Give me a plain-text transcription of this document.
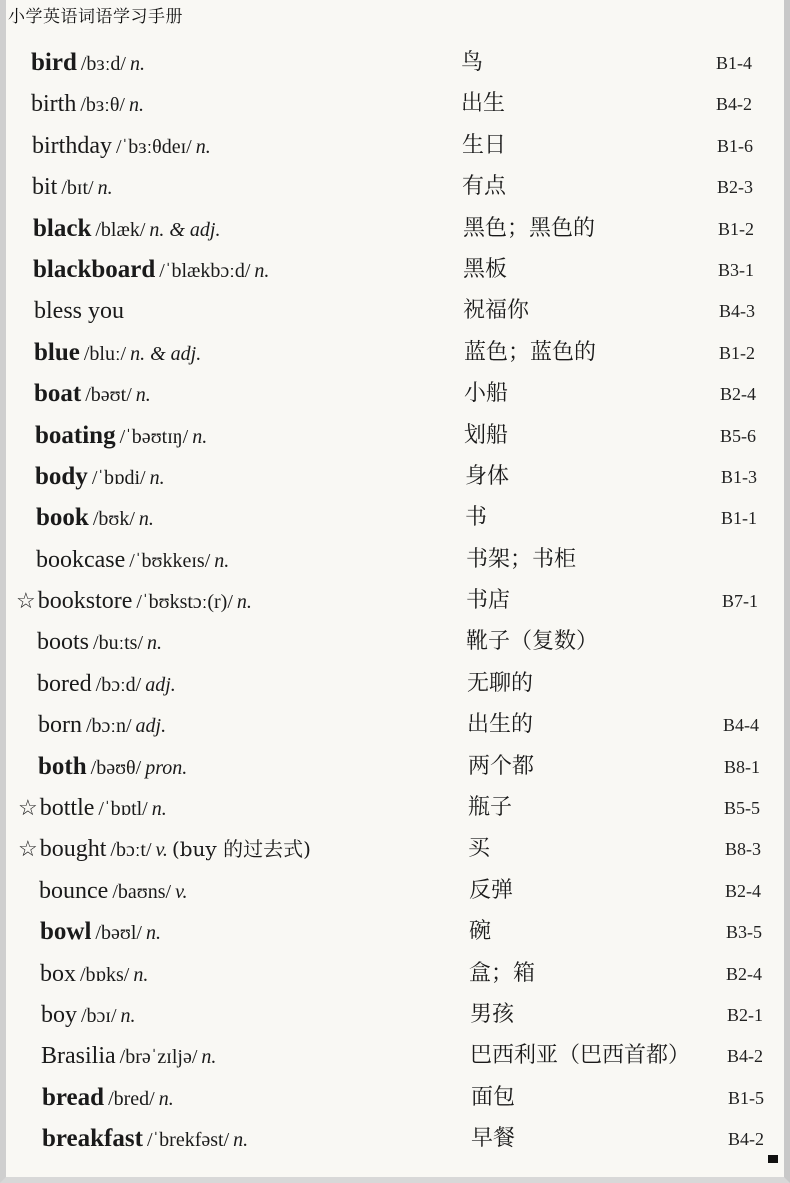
小学英语词语学习手册
bird /bɜːd/ n.	鸟	B1-4
birth /bɜːθ/ n.	出生	B4-2
birthday /ˈbɜːθdeɪ/ n.	生日	B1-6
bit /bɪt/ n.	有点	B2-3
black /blæk/ n. & adj.	黑色；黑色的	B1-2
blackboard /ˈblækbɔːd/ n.	黑板	B3-1
bless you	祝福你	B4-3
blue /bluː/ n. & adj.	蓝色；蓝色的	B1-2
boat /bəʊt/ n.	小船	B2-4
boating /ˈbəʊtɪŋ/ n.	划船	B5-6
body /ˈbɒdi/ n.	身体	B1-3
book /bʊk/ n.	书	B1-1
bookcase /ˈbʊkkeɪs/ n.	书架；书柜
☆bookstore /ˈbʊkstɔː(r)/ n.	书店	B7-1
boots /buːts/ n.	靴子（复数）
bored /bɔːd/ adj.	无聊的
born /bɔːn/ adj.	出生的	B4-4
both /bəʊθ/ pron.	两个都	B8-1
☆bottle /ˈbɒtl/ n.	瓶子	B5-5
☆bought /bɔːt/ v. (buy 的过去式)	买	B8-3
bounce /baʊns/ v.	反弹	B2-4
bowl /bəʊl/ n.	碗	B3-5
box /bɒks/ n.	盒；箱	B2-4
boy /bɔɪ/ n.	男孩	B2-1
Brasilia /brəˈzɪljə/ n.	巴西利亚（巴西首都） B4-2
bread /bred/ n.	面包	B1-5
breakfast /ˈbrekfəst/ n.	早餐	B4-2
